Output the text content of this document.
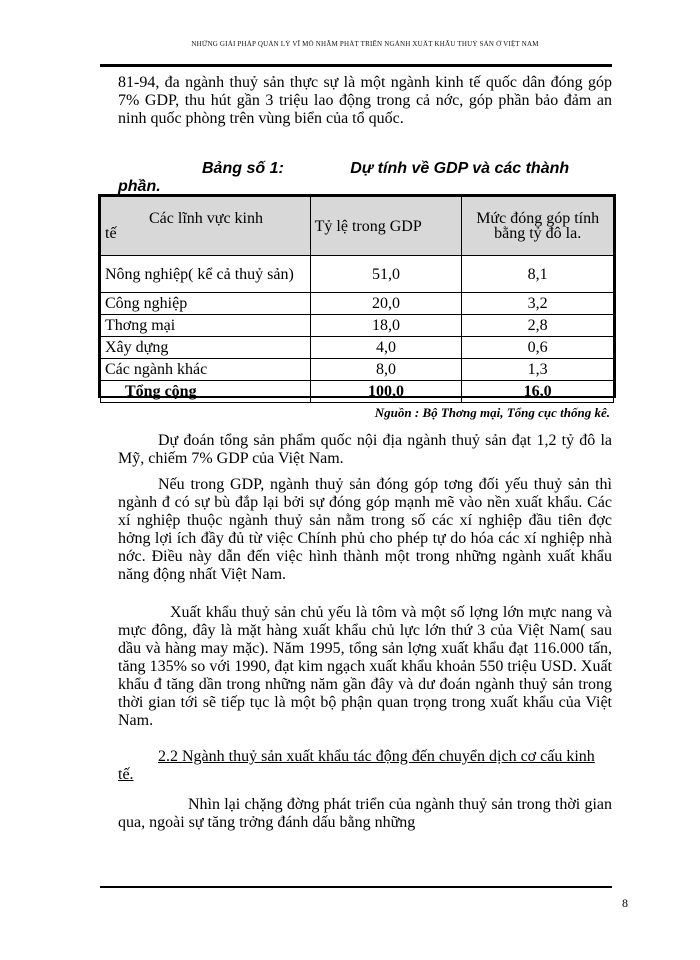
NHỮNG GIẢI PHÁP QUẢN LÝ VĨ MÔ NHẰM PHÁT TRIỂN NGÀNH XUẤT KHẨU THUỶ SẢN Ở VIỆT NAM

81-94, đa ngành thuỷ sản thực sự là một ngành kinh tế quốc dân đóng góp 7% GDP, thu hút gần 3 triệu lao động trong cả nớc, góp phần bảo đảm an ninh quốc phòng trên vùng biển của tổ quốc.

Bảng số 1:	Dự tính về GDP và các thành
phần.
Các lĩnh vực kinh
tế	Tỷ lệ trong GDP	Mức đóng góp tính bằng tỷ đô la.
Nông nghiệp( kể cả thuỷ sản)	51,0	8,1
Công nghiệp	20,0	3,2
Thơng mại	18,0	2,8
Xây dựng	4,0	0,6
Các ngành khác	8,0	1,3
Tổng cộng	100,0	16,0
Nguồn : Bộ Thơng mại, Tổng cục thống kê.

Dự đoán tổng sản phẩm quốc nội địa ngành thuỷ sản đạt 1,2 tỷ đô la Mỹ, chiếm 7% GDP của Việt Nam.

Nếu trong GDP, ngành thuỷ sản đóng góp tơng đối yếu thuỷ sản thì ngành đ có sự bù đắp lại bởi sự đóng góp mạnh mẽ vào nền xuất khẩu. Các xí nghiệp thuộc ngành thuỷ sản nằm trong số các xí nghiệp đầu tiên đợc hởng lợi ích đầy đủ từ việc Chính phủ cho phép tự do hóa các xí nghiệp nhà nớc. Điều này dẫn đến việc hình thành một trong những ngành xuất khẩu năng động nhất Việt Nam.

Xuất khẩu thuỷ sản chủ yếu là tôm và một số lợng lớn mực nang và mực đông, đây là mặt hàng xuất khẩu chủ lực lớn thứ 3 của Việt Nam( sau dầu và hàng may mặc). Năm 1995, tổng sản lợng xuất khẩu đạt 116.000 tấn, tăng 135% so với 1990, đạt kim ngạch xuất khẩu khoản 550 triệu USD. Xuất khẩu đ tăng dần trong những năm gần đây và dư đoán ngành thuỷ sản trong thời gian tới sẽ tiếp tục là một bộ phận quan trọng trong xuất khẩu của Việt Nam.

2.2 Ngành thuỷ sản xuất khẩu tác động đến chuyển dịch cơ cấu kinh tế.

Nhìn lại chặng đờng phát triển của ngành thuỷ sản trong thời gian qua, ngoài sự tăng trởng đánh dấu bằng những

8
